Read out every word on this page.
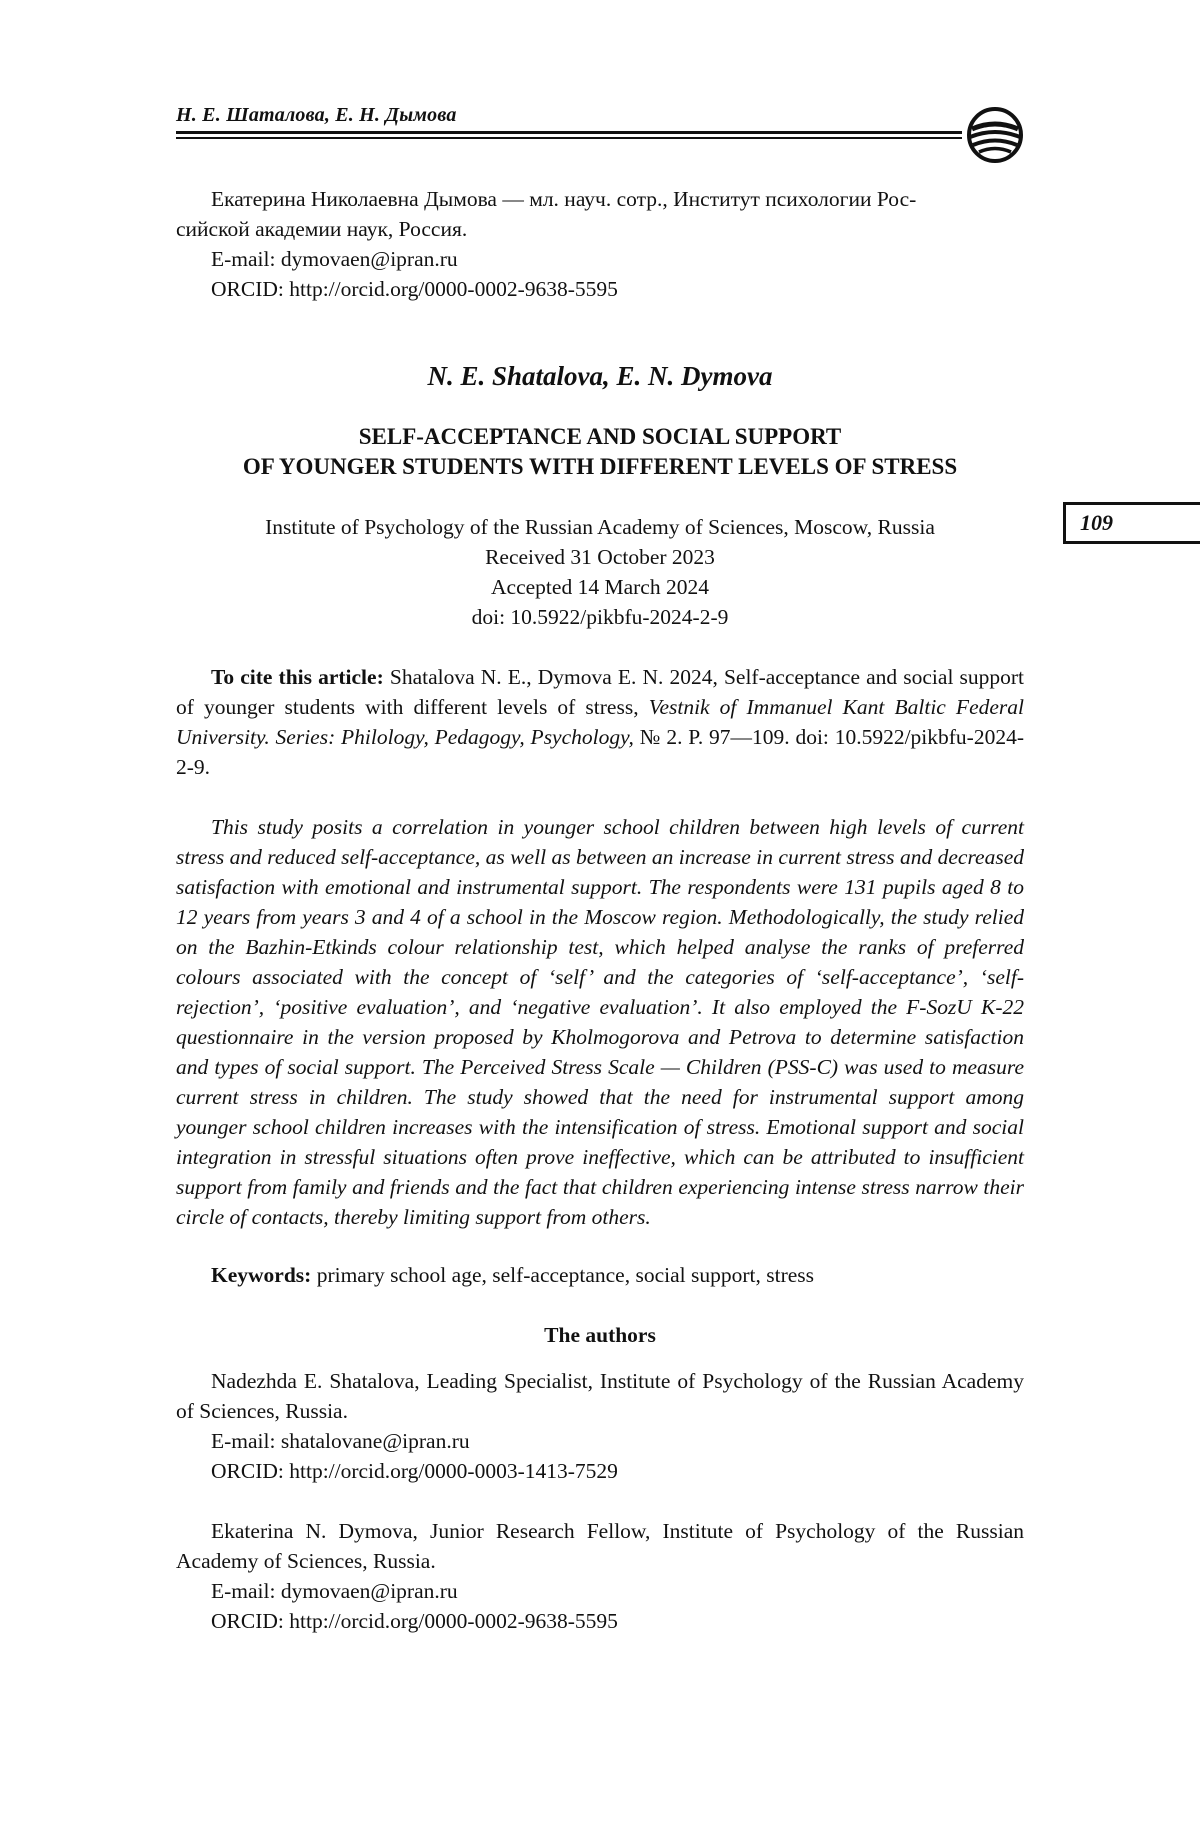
Н. Е. Шаталова, Е. Н. Дымова
109

Екатерина Николаевна Дымова — мл. науч. сотр., Институт психологии Рос-

сийской академии наук, Россия.

E-mail: dymovaen@ipran.ru

ORCID: http://orcid.org/0000-0002-9638-5595

N. E. Shatalova, E. N. Dymova
SELF-ACCEPTANCE AND SOCIAL SUPPORT
OF YOUNGER STUDENTS WITH DIFFERENT LEVELS OF STRESS

Institute of Psychology of the Russian Academy of Sciences, Moscow, Russia

Received 31 October 2023

Accepted 14 March 2024

doi: 10.5922/pikbfu-2024-2-9

To cite this article: Shatalova N. E., Dymova E. N. 2024, Self-acceptance and social support of younger students with different levels of stress, Vestnik of Immanuel Kant Baltic Federal University. Series: Philology, Pedagogy, Psychology, № 2. P. 97—109. doi: 10.5922/pikbfu-2024-2-9.
This study posits a correlation in younger school children between high levels of current stress and reduced self-acceptance, as well as between an increase in current stress and decreased satisfaction with emotional and instrumental support. The respondents were 131 pupils aged 8 to 12 years from years 3 and 4 of a school in the Moscow region. Methodologically, the study relied on the Bazhin-Etkinds colour relationship test, which helped analyse the ranks of preferred colours associated with the concept of ‘self’ and the categories of ‘self-acceptance’, ‘self-rejection’, ‘positive evaluation’, and ‘negative evaluation’. It also employed the F-SozU K-22 questionnaire in the version proposed by Kholmogorova and Petrova to determine satisfaction and types of social support. The Perceived Stress Scale — Children (PSS-C) was used to measure current stress in children. The study showed that the need for instrumental support among younger school children increases with the intensification of stress. Emotional support and social integration in stressful situations often prove ineffective, which can be attributed to insufficient support from family and friends and the fact that children experiencing intense stress narrow their circle of contacts, thereby limiting support from others.
Keywords: primary school age, self-acceptance, social support, stress
The authors

Nadezhda E. Shatalova, Leading Specialist, Institute of Psychology of the Russian Academy of Sciences, Russia.

E-mail: shatalovane@ipran.ru

ORCID: http://orcid.org/0000-0003-1413-7529

Ekaterina N. Dymova, Junior Research Fellow, Institute of Psychology of the Russian Academy of Sciences, Russia.

E-mail: dymovaen@ipran.ru

ORCID: http://orcid.org/0000-0002-9638-5595
